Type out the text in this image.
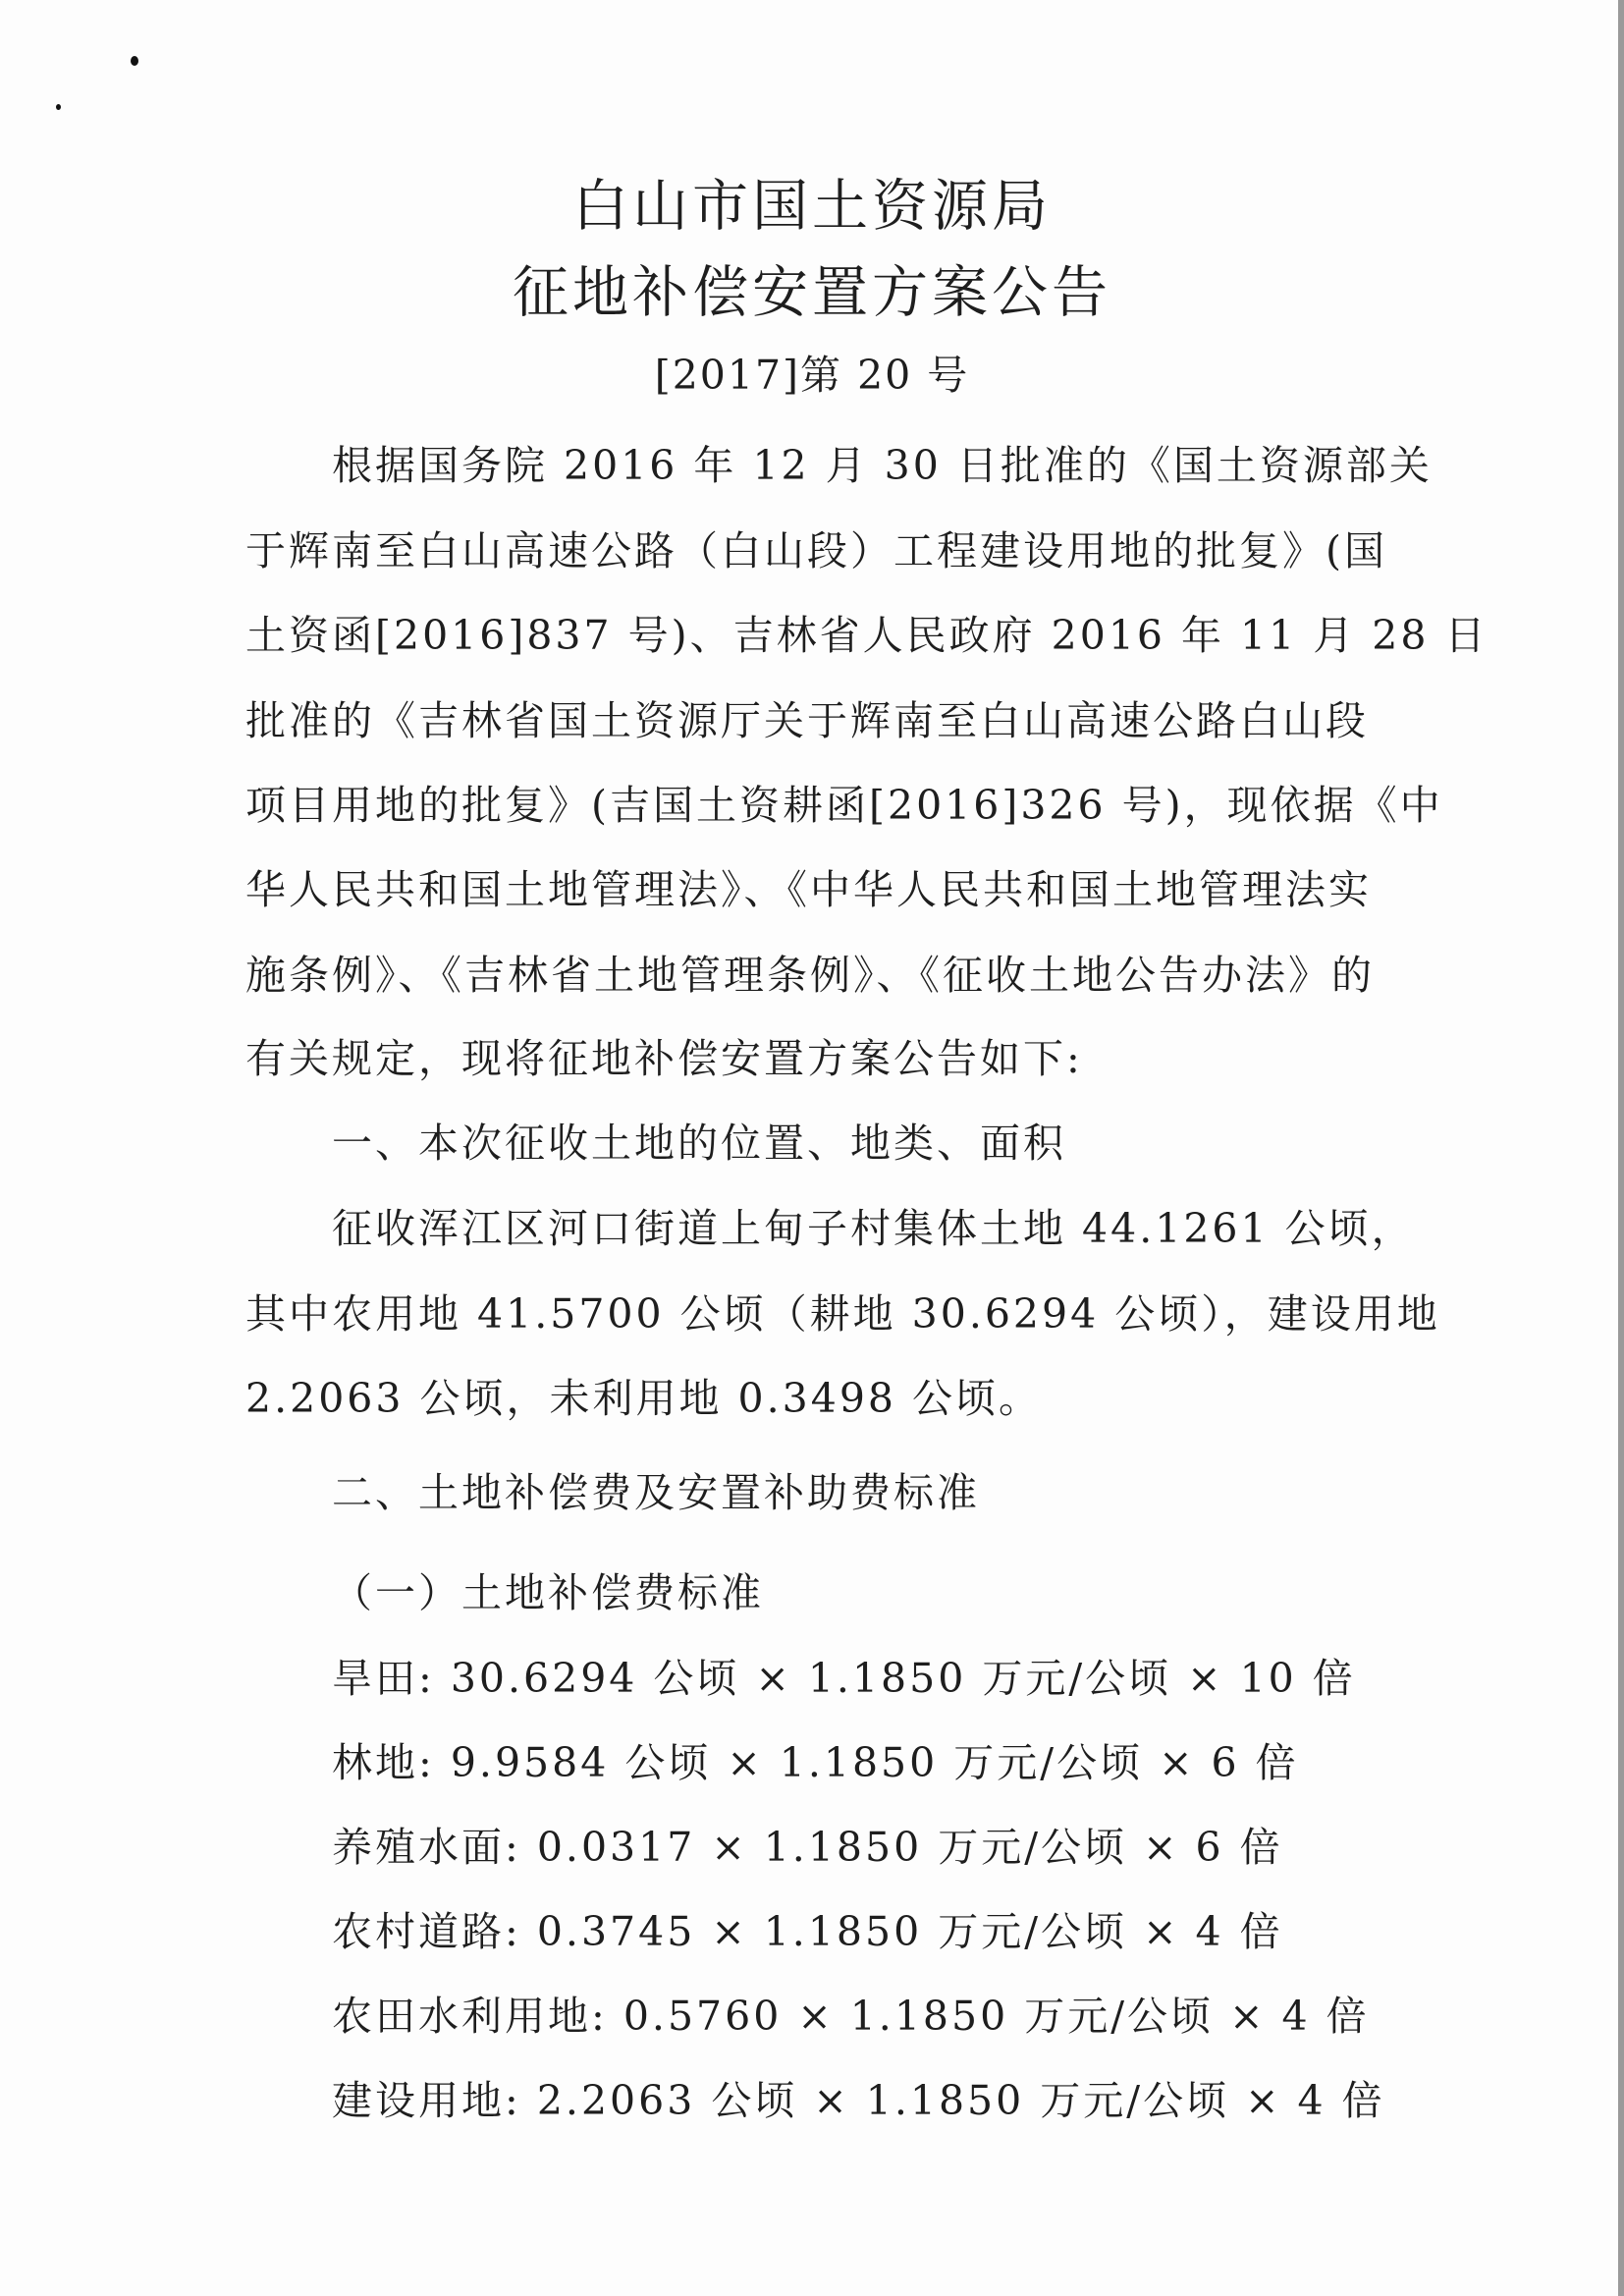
白山市国土资源局
征地补偿安置方案公告
[2017]第 20 号
根据国务院 2016 年 12 月 30 日批准的《国土资源部关
于辉南至白山高速公路（白山段）工程建设用地的批复》(国
土资函[2016]837 号)、吉林省人民政府 2016 年 11 月 28 日
批准的《吉林省国土资源厅关于辉南至白山高速公路白山段
项目用地的批复》(吉国土资耕函[2016]326 号)，现依据《中
华人民共和国土地管理法》、《中华人民共和国土地管理法实
施条例》、《吉林省土地管理条例》、《征收土地公告办法》的
有关规定，现将征地补偿安置方案公告如下:
一、本次征收土地的位置、地类、面积
征收浑江区河口街道上甸子村集体土地 44.1261 公顷，
其中农用地 41.5700 公顷（耕地 30.6294 公顷），建设用地
2.2063 公顷，未利用地 0.3498 公顷。
二、土地补偿费及安置补助费标准
（一）土地补偿费标准
旱田: 30.6294 公顷 × 1.1850 万元/公顷 × 10 倍
林地: 9.9584 公顷 × 1.1850 万元/公顷 × 6 倍
养殖水面: 0.0317 × 1.1850 万元/公顷 × 6 倍
农村道路: 0.3745 × 1.1850 万元/公顷 × 4 倍
农田水利用地: 0.5760 × 1.1850 万元/公顷 × 4 倍
建设用地: 2.2063 公顷 × 1.1850 万元/公顷 × 4 倍
